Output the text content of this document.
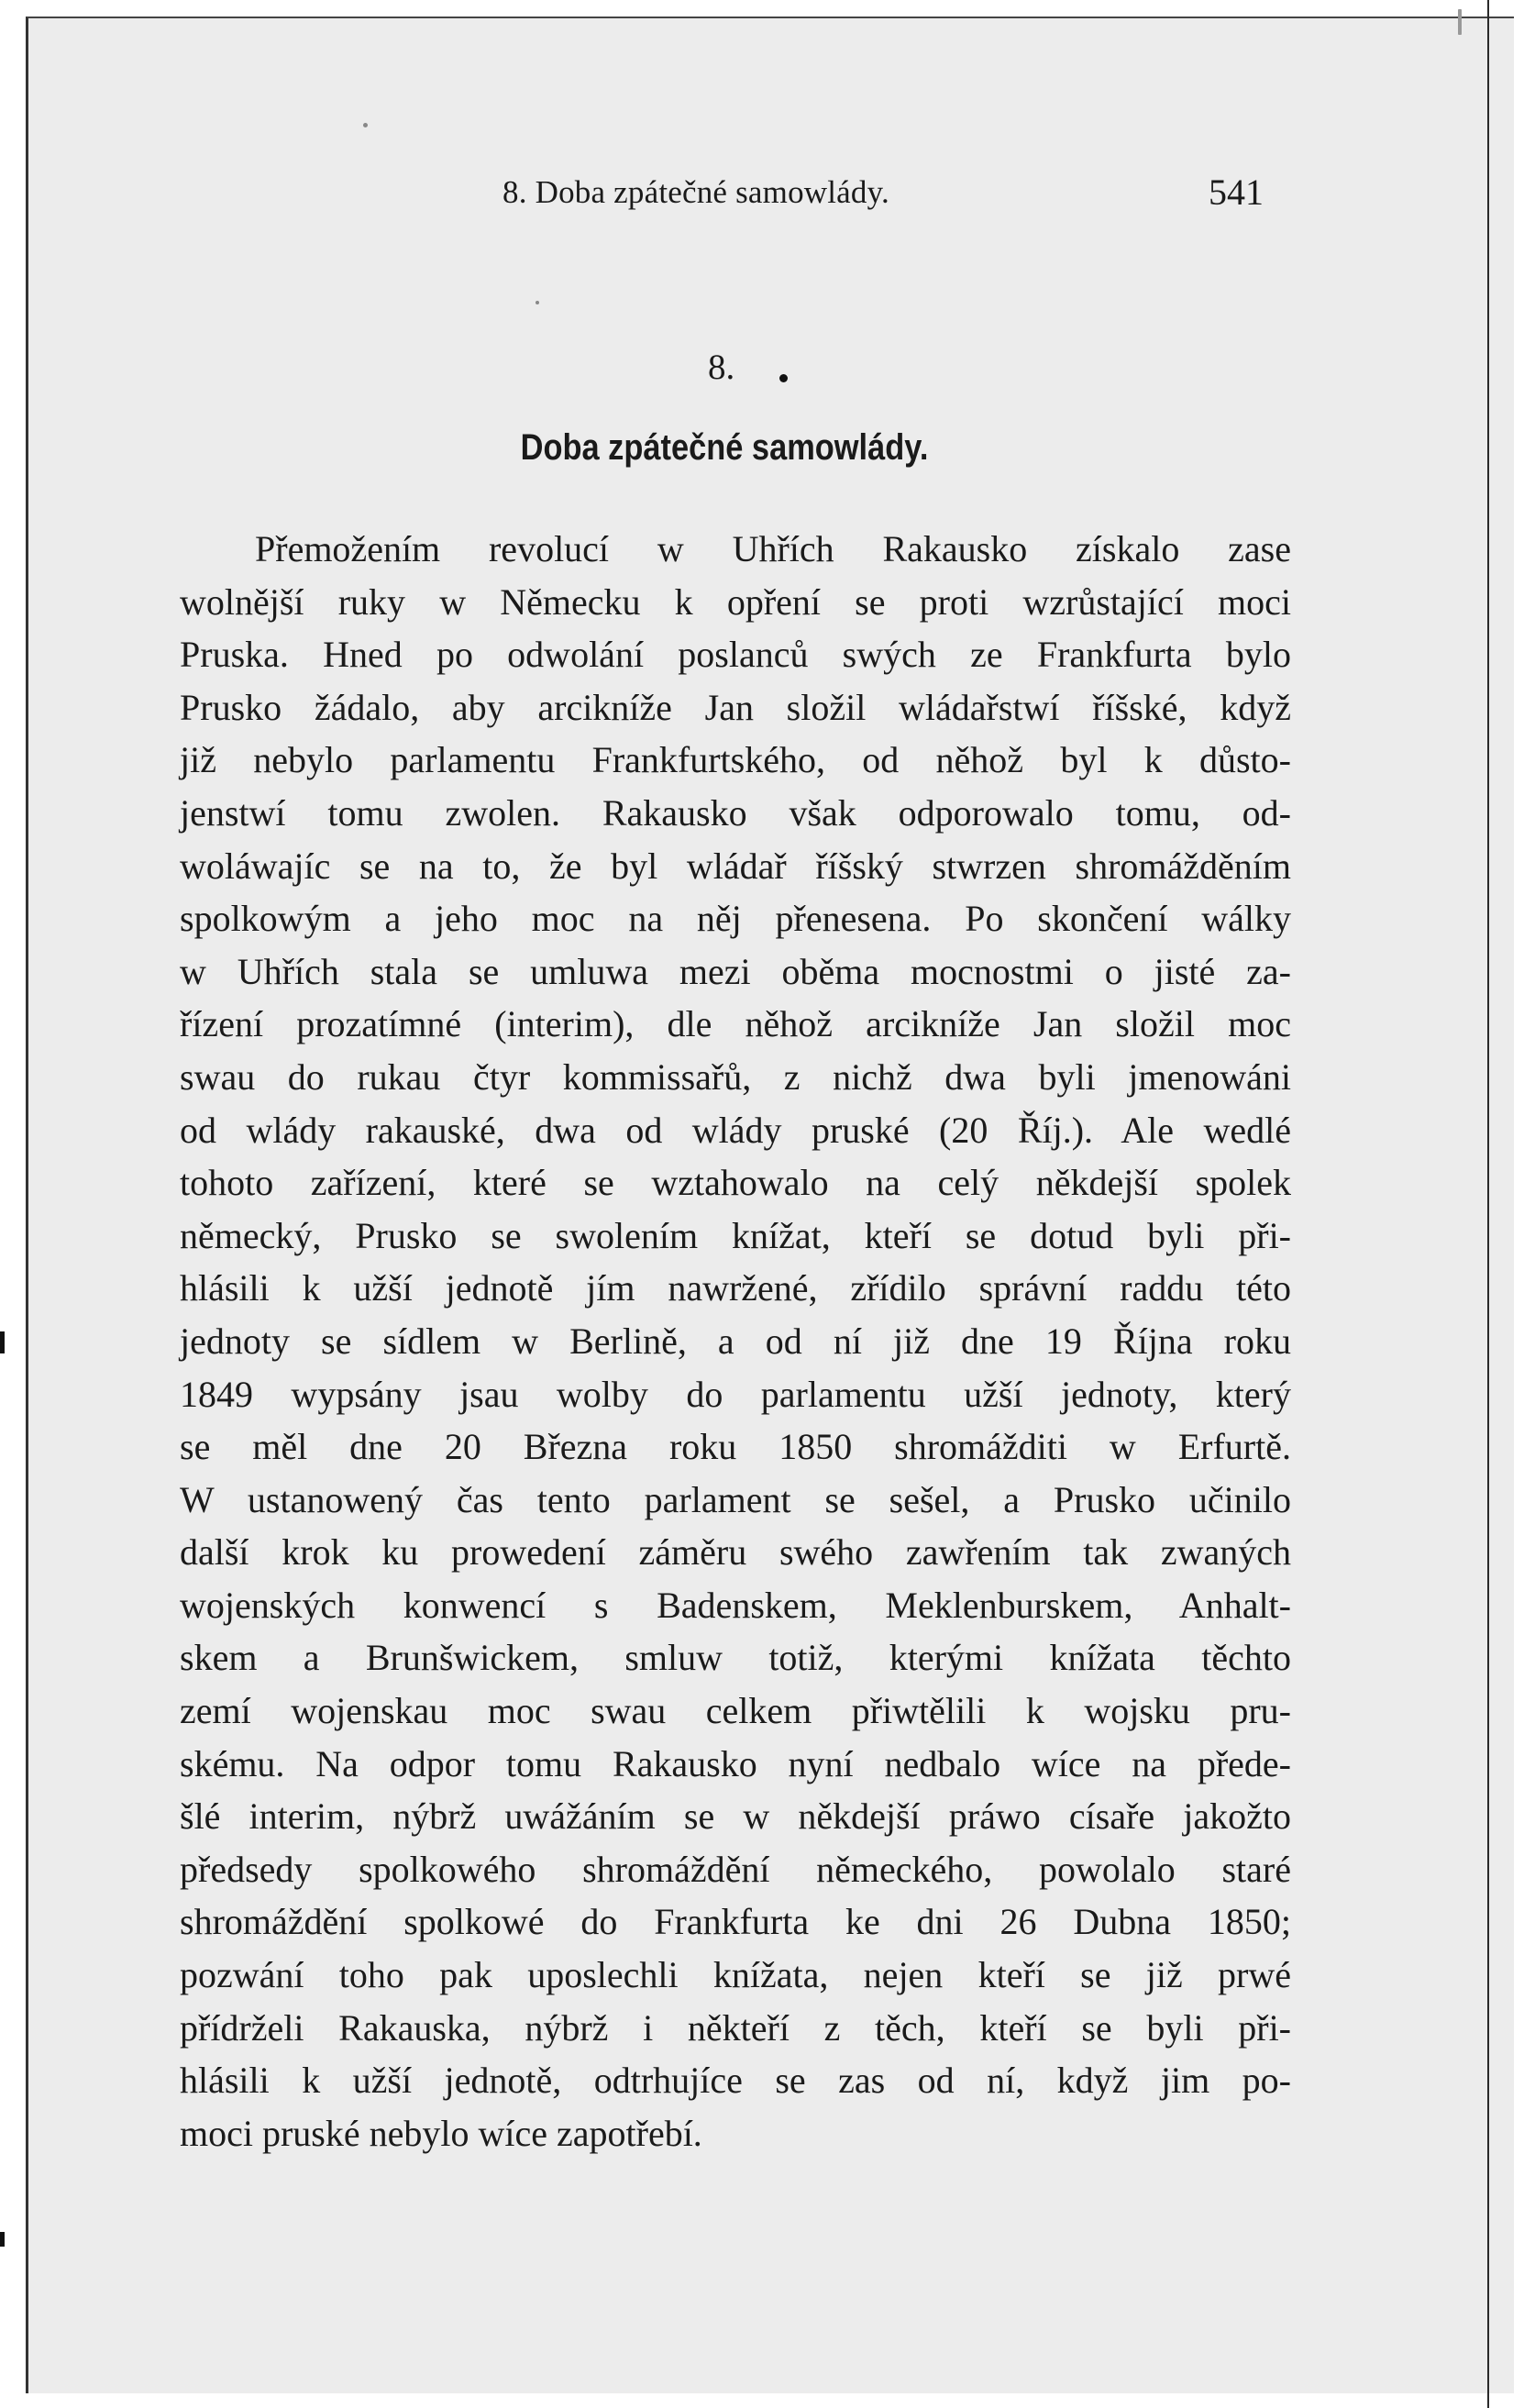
8. Doba zpátečné samowlády.	541
8.
Doba zpátečné samowlády.
Přemožením revolucí w Uhřích Rakausko získalo zase
wolnější ruky w Německu k opření se proti wzrůstající moci
Pruska. Hned po odwolání poslanců swých ze Frankfurta bylo
Prusko žádalo, aby arcikníže Jan složil wládařstwí říšské, když
již nebylo parlamentu Frankfurtského, od něhož byl k důsto-
jenstwí tomu zwolen. Rakausko však odporowalo tomu, od-
woláwajíc se na to, že byl wládař říšský stwrzen shromážděním
spolkowým a jeho moc na něj přenesena. Po skončení wálky
w Uhřích stala se umluwa mezi oběma mocnostmi o jisté za-
řízení prozatímné (interim), dle něhož arcikníže Jan složil moc
swau do rukau čtyr kommissařů, z nichž dwa byli jmenowáni
od wlády rakauské, dwa od wlády pruské (20 Říj.). Ale wedlé
tohoto zařízení, které se wztahowalo na celý někdejší spolek
německý, Prusko se swolením knížat, kteří se dotud byli při-
hlásili k užší jednotě jím nawržené, zřídilo správní raddu této
jednoty se sídlem w Berlině, a od ní již dne 19 Října roku
1849 wypsány jsau wolby do parlamentu užší jednoty, který
se měl dne 20 Března roku 1850 shromážditi w Erfurtě.
W ustanowený čas tento parlament se sešel, a Prusko učinilo
další krok ku prowedení záměru swého zawřením tak zwaných
wojenských konwencí s Badenskem, Meklenburskem, Anhalt-
skem a Brunšwickem, smluw totiž, kterými knížata těchto
zemí wojenskau moc swau celkem přiwtělili k wojsku pru-
skému. Na odpor tomu Rakausko nyní nedbalo wíce na přede-
šlé interim, nýbrž uwážáním se w někdejší práwo císaře jakožto
předsedy spolkowého shromáždění německého, powolalo staré
shromáždění spolkowé do Frankfurta ke dni 26 Dubna 1850;
pozwání toho pak uposlechli knížata, nejen kteří se již prwé
přídrželi Rakauska, nýbrž i někteří z těch, kteří se byli při-
hlásili k užší jednotě, odtrhujíce se zas od ní, když jim po-
moci pruské nebylo wíce zapotřebí.
